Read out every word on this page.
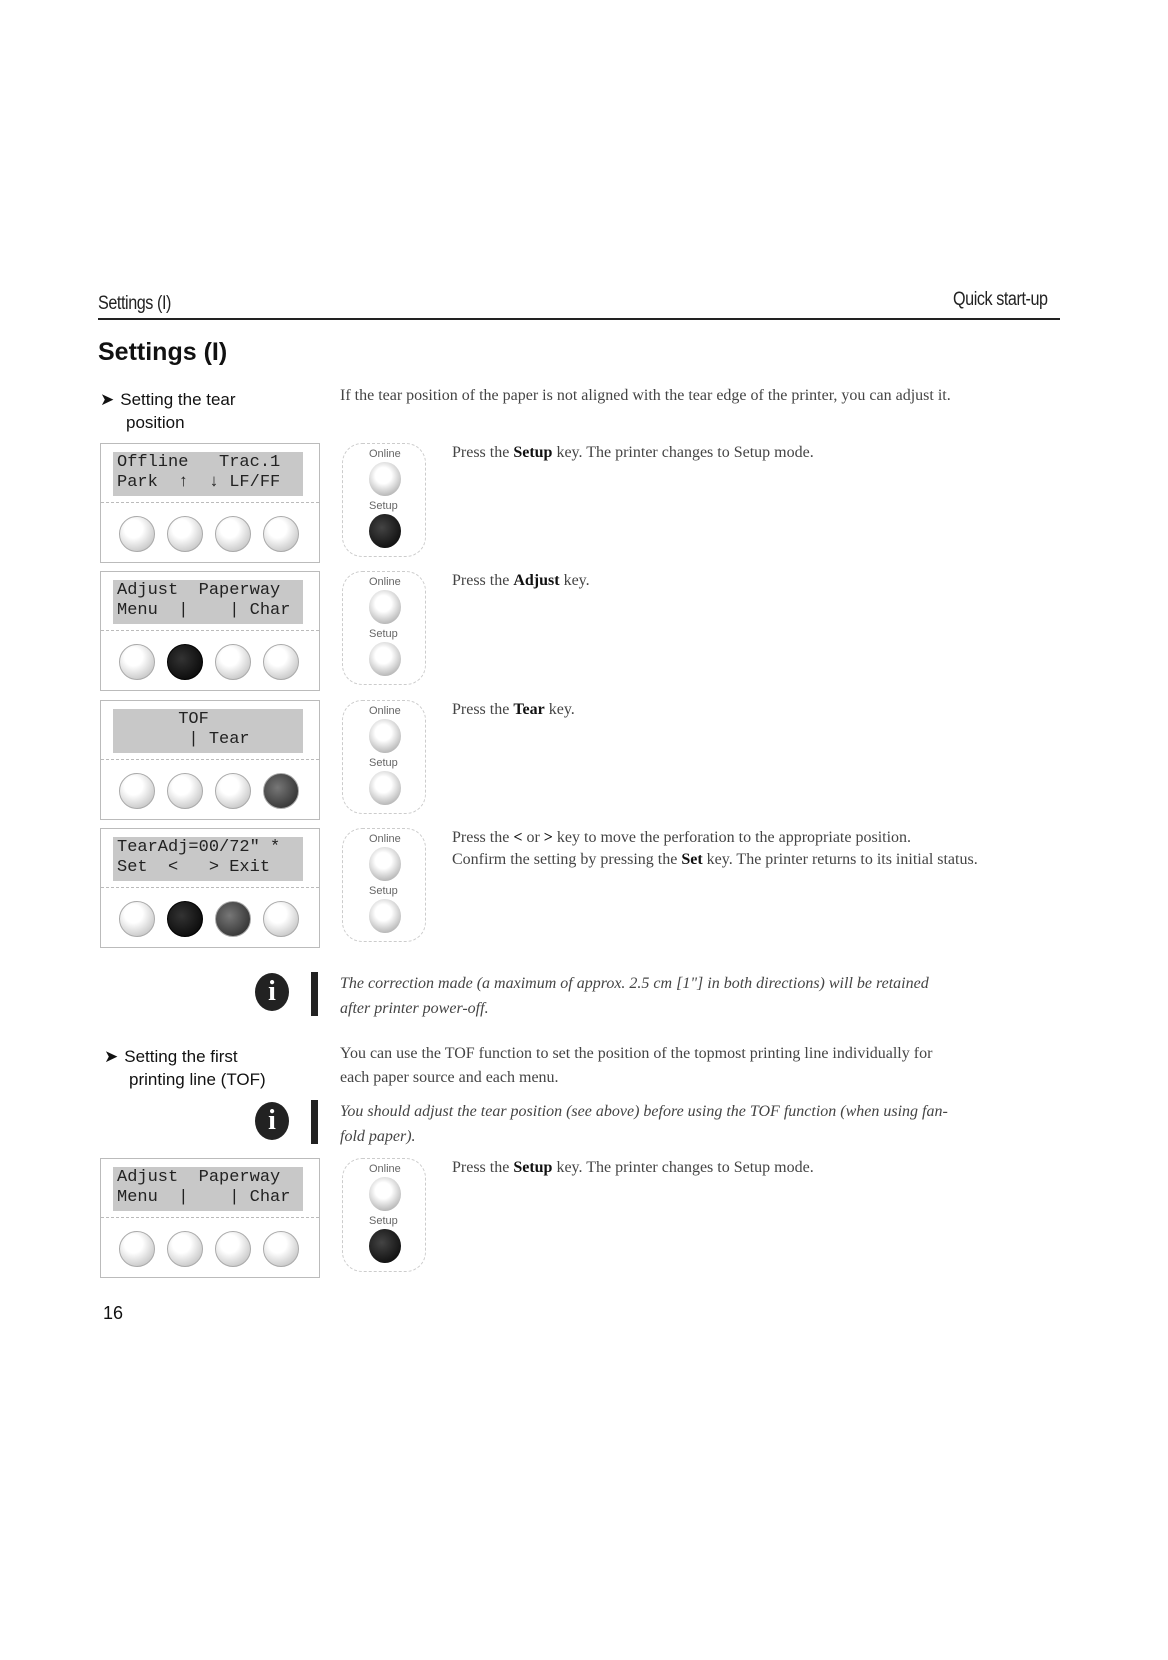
Settings (I)	Quick start-up
Settings (I)
➤ Setting the tear
position
If the tear position of the paper is not aligned with the tear edge of the printer, you can adjust it.
Offline   Trac.1
Park  ↑  ↓ LF/FF
Online
Setup
Press the Setup key. The printer changes to Setup mode.
Adjust  Paperway
Menu  |    | Char
Online
Setup
Press the Adjust key.
TOF
| Tear
Online
Setup
Press the Tear key.
TearAdj=00/72" *
Set  <   > Exit
Online
Setup
Press the < or > key to move the perforation to the appropriate position.
Confirm the setting by pressing the Set key. The printer returns to its initial status.
i	The correction made (a maximum of approx. 2.5 cm [1"] in both directions) will be retained
after printer power-off.
➤ Setting the first
printing line (TOF)
You can use the TOF function to set the position of the topmost printing line individually for
each paper source and each menu.
i	You should adjust the tear position (see above) before using the TOF function (when using fan-
fold paper).
Adjust  Paperway
Menu  |    | Char
Online
Setup
Press the Setup key. The printer changes to Setup mode.
16
